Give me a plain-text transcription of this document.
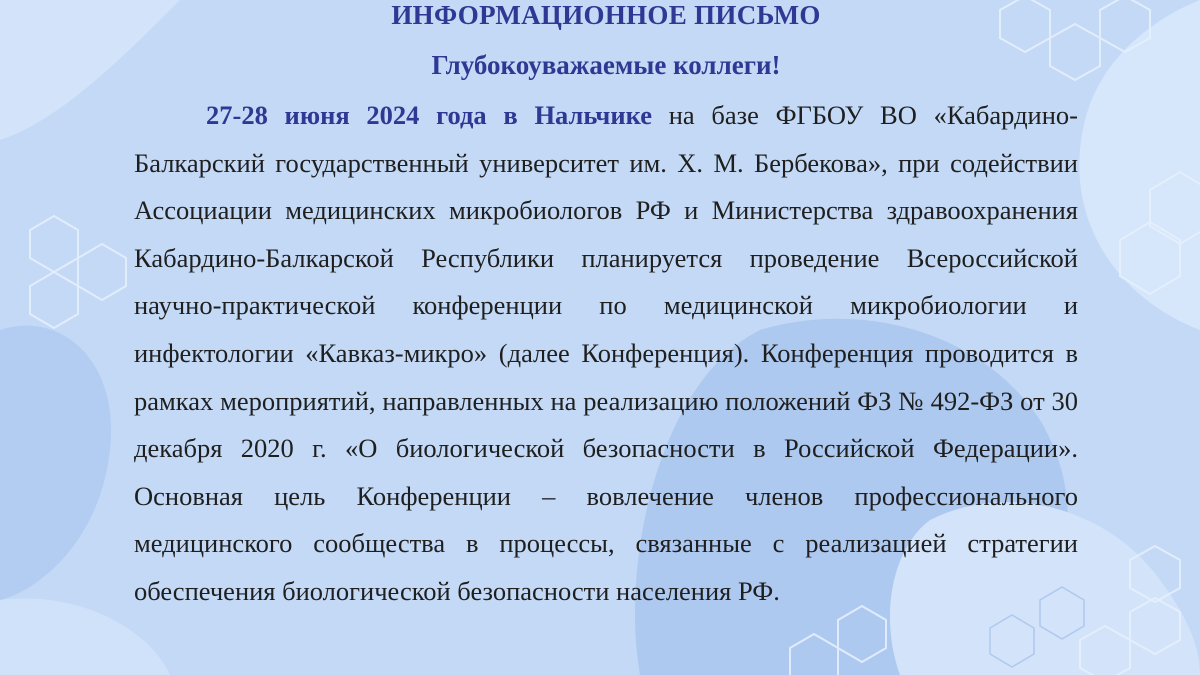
ИНФОРМАЦИОННОЕ ПИСЬМО
Глубокоуважаемые коллеги!

27-28 июня 2024 года в Нальчике на базе ФГБОУ ВО «Кабардино-Балкарский государственный университет им. Х. М. Бербекова», при содействии Ассоциации медицинских микробиологов РФ и Министерства здравоохранения Кабардино-Балкарской Республики планируется проведение Всероссийской научно-практической конференции по медицинской микробиологии и инфектологии «Кавказ-микро» (далее Конференция). Конференция проводится в рамках мероприятий, направленных на реализацию положений ФЗ № 492-ФЗ от 30 декабря 2020 г. «О биологической безопасности в Российской Федерации». Основная цель Конференции – вовлечение членов профессионального медицинского сообщества в процессы, связанные с реализацией стратегии обеспечения биологической безопасности населения РФ.
